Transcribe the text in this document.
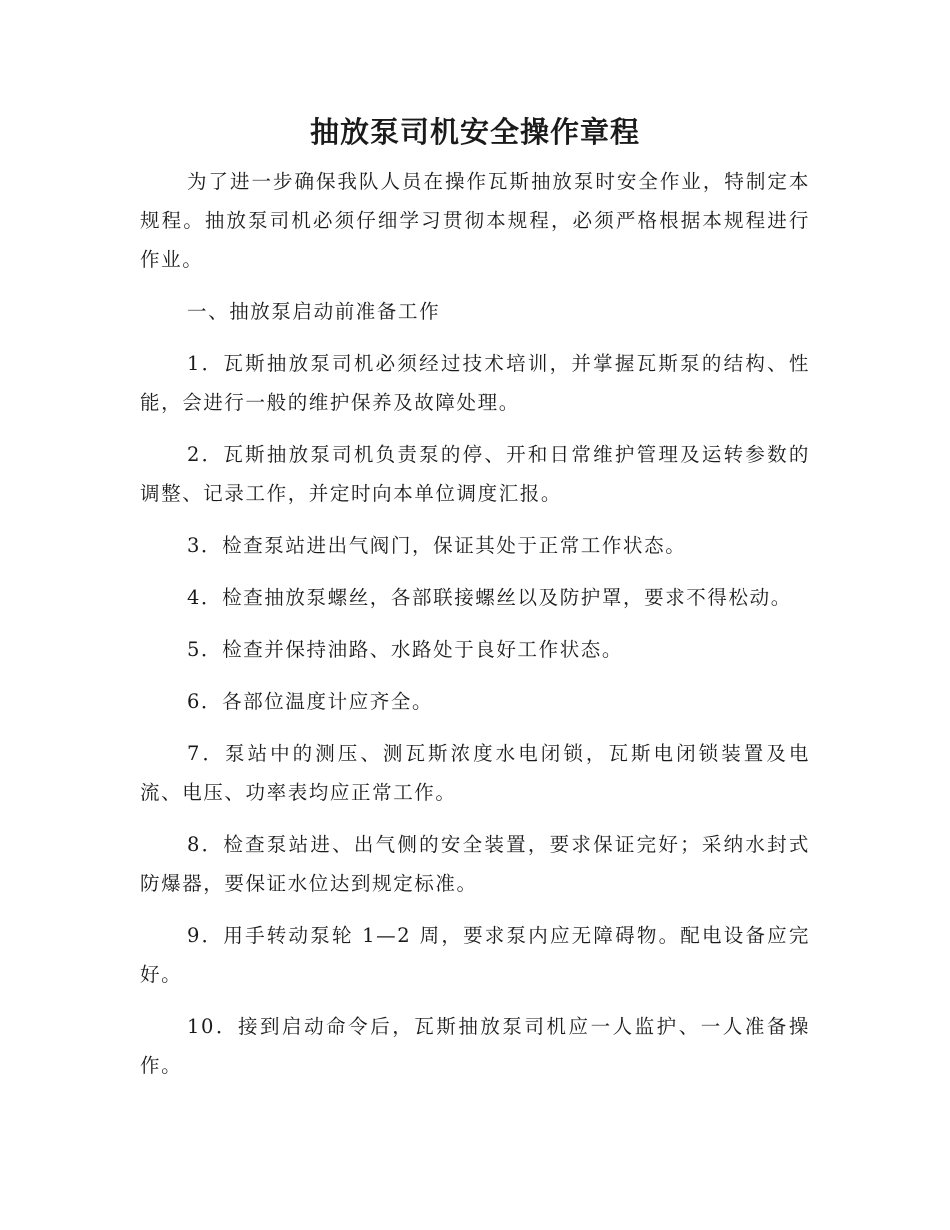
抽放泵司机安全操作章程

为了进一步确保我队人员在操作瓦斯抽放泵时安全作业，特制定本规程。抽放泵司机必须仔细学习贯彻本规程，必须严格根据本规程进行作业。

一、抽放泵启动前准备工作

1．瓦斯抽放泵司机必须经过技术培训，并掌握瓦斯泵的结构、性能，会进行一般的维护保养及故障处理。

2．瓦斯抽放泵司机负责泵的停、开和日常维护管理及运转参数的调整、记录工作，并定时向本单位调度汇报。

3．检查泵站进出气阀门，保证其处于正常工作状态。

4．检查抽放泵螺丝，各部联接螺丝以及防护罩，要求不得松动。

5．检查并保持油路、水路处于良好工作状态。

6．各部位温度计应齐全。

7．泵站中的测压、测瓦斯浓度水电闭锁，瓦斯电闭锁装置及电流、电压、功率表均应正常工作。

8．检查泵站进、出气侧的安全装置，要求保证完好；采纳水封式防爆器，要保证水位达到规定标准。

9．用手转动泵轮 1—2 周，要求泵内应无障碍物。配电设备应完好。

10．接到启动命令后，瓦斯抽放泵司机应一人监护、一人准备操作。
